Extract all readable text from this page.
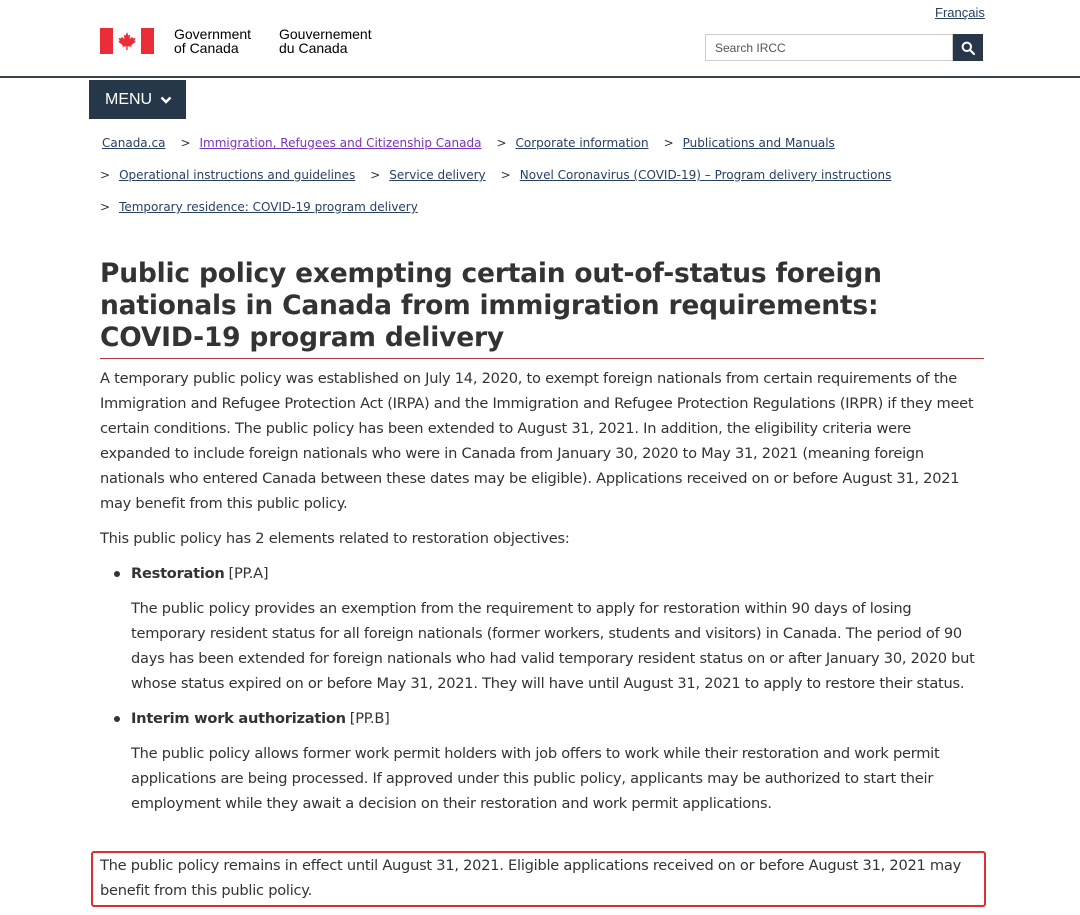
Français
Government
of Canada
Gouvernement
du Canada	Search IRCC
MENU
Canada.ca > Immigration, Refugees and Citizenship Canada > Corporate information > Publications and Manuals
> Operational instructions and guidelines > Service delivery > Novel Coronavirus (COVID-19) – Program delivery instructions
> Temporary residence: COVID-19 program delivery
Public policy exempting certain out-of-status foreign nationals in Canada from immigration requirements: COVID-19 program delivery

A temporary public policy was established on July 14, 2020, to exempt foreign nationals from certain requirements of the Immigration and Refugee Protection Act (IRPA) and the Immigration and Refugee Protection Regulations (IRPR) if they meet certain conditions. The public policy has been extended to August 31, 2021. In addition, the eligibility criteria were expanded to include foreign nationals who were in Canada from January 30, 2020 to May 31, 2021 (meaning foreign nationals who entered Canada between these dates may be eligible). Applications received on or before August 31, 2021 may benefit from this public policy.

This public policy has 2 elements related to restoration objectives:

Restoration [PP.A]
The public policy provides an exemption from the requirement to apply for restoration within 90 days of losing temporary resident status for all foreign nationals (former workers, students and visitors) in Canada. The period of 90 days has been extended for foreign nationals who had valid temporary resident status on or after January 30, 2020 but whose status expired on or before May 31, 2021. They will have until August 31, 2021 to apply to restore their status.
Interim work authorization [PP.B]
The public policy allows former work permit holders with job offers to work while their restoration and work permit applications are being processed. If approved under this public policy, applicants may be authorized to start their employment while they await a decision on their restoration and work permit applications.

The public policy remains in effect until August 31, 2021. Eligible applications received on or before August 31, 2021 may benefit from this public policy.
